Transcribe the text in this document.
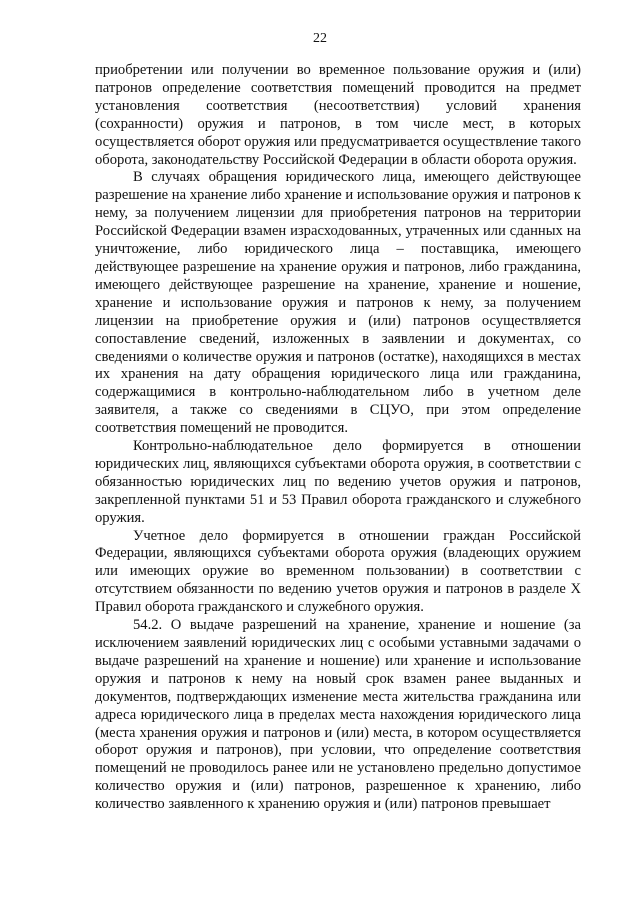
22

приобретении или получении во временное пользование оружия и (или) патронов определение соответствия помещений проводится на предмет установления соответствия (несоответствия) условий хранения (сохранности) оружия и патронов, в том числе мест, в которых осуществляется оборот оружия или предусматривается осуществление такого оборота, законодательству Российской Федерации в области оборота оружия.

В случаях обращения юридического лица, имеющего действующее разрешение на хранение либо хранение и использование оружия и патронов к нему, за получением лицензии для приобретения патронов на территории Российской Федерации взамен израсходованных, утраченных или сданных на уничтожение, либо юридического лица – поставщика, имеющего действующее разрешение на хранение оружия и патронов, либо гражданина, имеющего действующее разрешение на хранение, хранение и ношение, хранение и использование оружия и патронов к нему, за получением лицензии на приобретение оружия и (или) патронов осуществляется сопоставление сведений, изложенных в заявлении и документах, со сведениями о количестве оружия и патронов (остатке), находящихся в местах их хранения на дату обращения юридического лица или гражданина, содержащимися в контрольно-наблюдательном либо в учетном деле заявителя, а также со сведениями в СЦУО, при этом определение соответствия помещений не проводится.

Контрольно-наблюдательное дело формируется в отношении юридических лиц, являющихся субъектами оборота оружия, в соответствии с обязанностью юридических лиц по ведению учетов оружия и патронов, закрепленной пунктами 51 и 53 Правил оборота гражданского и служебного оружия.

Учетное дело формируется в отношении граждан Российской Федерации, являющихся субъектами оборота оружия (владеющих оружием или имеющих оружие во временном пользовании) в соответствии с отсутствием обязанности по ведению учетов оружия и патронов в разделе X Правил оборота гражданского и служебного оружия.

54.2. О выдаче разрешений на хранение, хранение и ношение (за исключением заявлений юридических лиц с особыми уставными задачами о выдаче разрешений на хранение и ношение) или хранение и использование оружия и патронов к нему на новый срок взамен ранее выданных и документов, подтверждающих изменение места жительства гражданина или адреса юридического лица в пределах места нахождения юридического лица (места хранения оружия и патронов и (или) места, в котором осуществляется оборот оружия и патронов), при условии, что определение соответствия помещений не проводилось ранее или не установлено предельно допустимое количество оружия и (или) патронов, разрешенное к хранению, либо количество заявленного к хранению оружия и (или) патронов превышает
